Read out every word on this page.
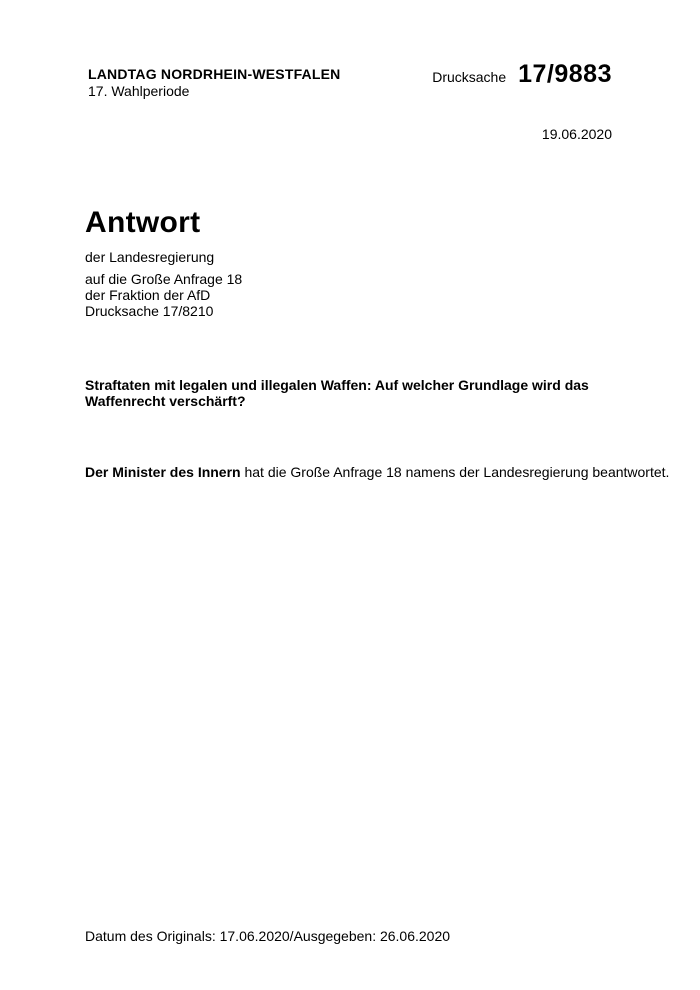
LANDTAG NORDRHEIN-WESTFALEN
17. Wahlperiode
Drucksache 17/9883
19.06.2020
Antwort
der Landesregierung
auf die Große Anfrage 18
der Fraktion der AfD
Drucksache 17/8210
Straftaten mit legalen und illegalen Waffen: Auf welcher Grundlage wird das
Waffenrecht verschärft?
Der Minister des Innern hat die Große Anfrage 18 namens der Landesregierung beantwortet.
Datum des Originals: 17.06.2020/Ausgegeben: 26.06.2020
